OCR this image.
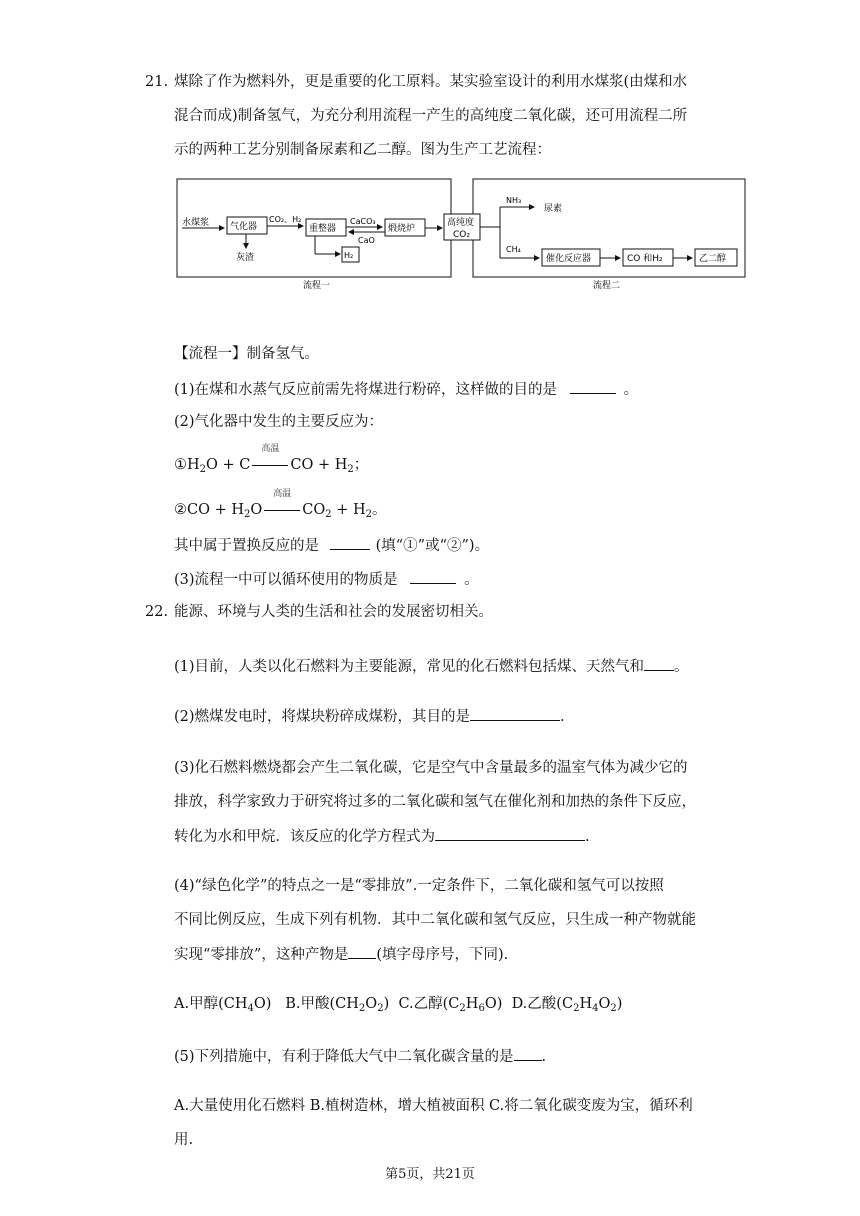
21. 煤除了作为燃料外，更是重要的化工原料。某实验室设计的利用水煤浆(由煤和水
混合而成)制备氢气，为充分利用流程一产生的高纯度二氧化碳，还可用流程二所
示的两种工艺分别制备尿素和乙二醇。图为生产工艺流程：
水煤浆 气化器
灰渣
CO₂、H₂
重整器
H₂
CaCO₃
CaO
煅烧炉
高纯度
CO₂
NH₃
尿素
CH₄
催化反应器	CO 和H₂	乙二醇
流程一	流程二
【流程一】制备氢气。
(1)在煤和水蒸气反应前需先将煤进行粉碎，这样做的目的是	。
(2)气化器中发生的主要反应为：
$①H_2O + C$
高温
CO + $H_2$；
②CO + $H_2O$
高温
$CO_2 + H_2$。
其中属于置换反应的是	(填“①”或“②”)。
(3)流程一中可以循环使用的物质是	。
22. 能源、环境与人类的生活和社会的发展密切相关。
(1)目前，人类以化石燃料为主要能源，常见的化石燃料包括煤、天然气和 。
(2)燃煤发电时，将煤块粉碎成煤粉，其目的是	.
(3)化石燃料燃烧都会产生二氧化碳，它是空气中含量最多的温室气体为减少它的
排放，科学家致力于研究将过多的二氧化碳和氢气在催化剂和加热的条件下反应，
转化为水和甲烷．该反应的化学方程式为	.
(4)“绿色化学”的特点之一是“零排放”.一定条件下，二氧化碳和氢气可以按照
不同比例反应，生成下列有机物．其中二氧化碳和氢气反应，只生成一种产物就能
实现“零排放”，这种产物是 (填字母序号，下同).
A.甲醇$(CH_4O)$ B.甲酸$(CH_2O_2)$ C.乙醇$(C_2H_6O)$ D.乙酸$(C_2H_4O_2)$
(5)下列措施中，有利于降低大气中二氧化碳含量的是 .
A.大量使用化石燃料 B.植树造林，增大植被面积 C.将二氧化碳变废为宝，循环利
用.
第5页，共21页
